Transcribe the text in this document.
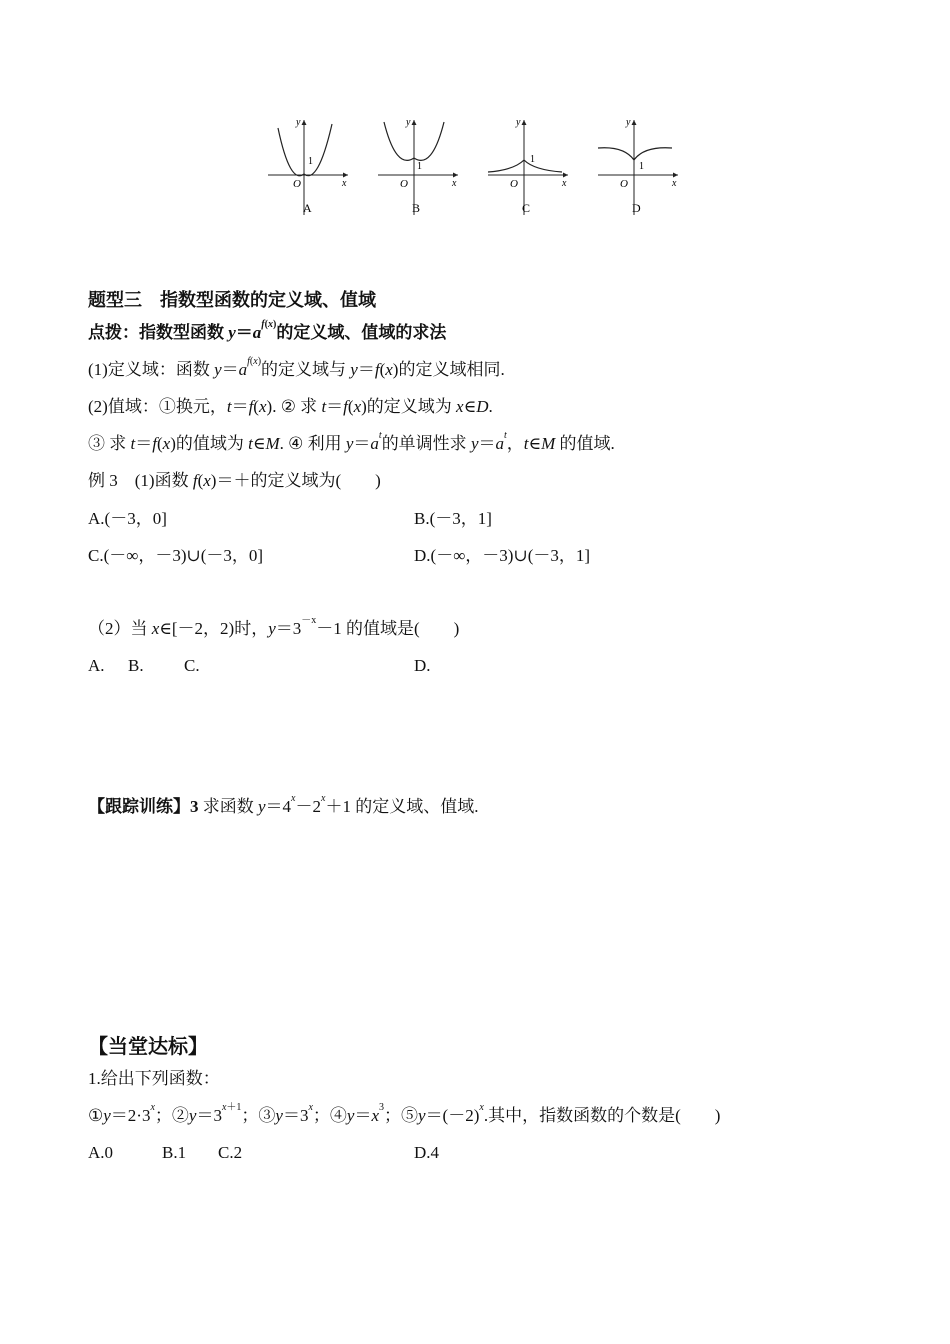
y
1
O	x
A
y
1
O	x
B
y
1
O	x
C
y
1
O	x
D
题型三　指数型函数的定义域、值域
点拨：指数型函数 $y=a^{f(x)}$的定义域、值域的求法
(1)定义域：函数 $y=a^{f(x)}$的定义域与 y＝f(x)的定义域相同.
(2)值域：①换元，t＝f(x). ② 求 t＝f(x)的定义域为 x∈D.
③ 求 t＝f(x)的值域为 t∈M. ④ 利用 $y=a^t$的单调性求 $y=a^t$，t∈M 的值域.
例 3　(1)函数 f(x)＝＋的定义域为(　　)
A.(－3，0]	B.(－3，1]
C.(－∞，－3)∪(－3，0]	D.(－∞，－3)∪(－3，1]
（2）当 x∈[－2，2)时，$y=3^{-x}-1$ 的值域是(　　)
A. B. C.	D.
【跟踪训练】3 求函数 $y=4^x-2^x+1$ 的定义域、值域.
【当堂达标】
1.给出下列函数：
$①y=2\cdot 3^x$；$②y=3^{x+1}$；$③y=3^x$；$④y=x^3$；$⑤y=(-2)^x$.其中，指数函数的个数是(　　)
A.0	B.1 C.2	D.4
